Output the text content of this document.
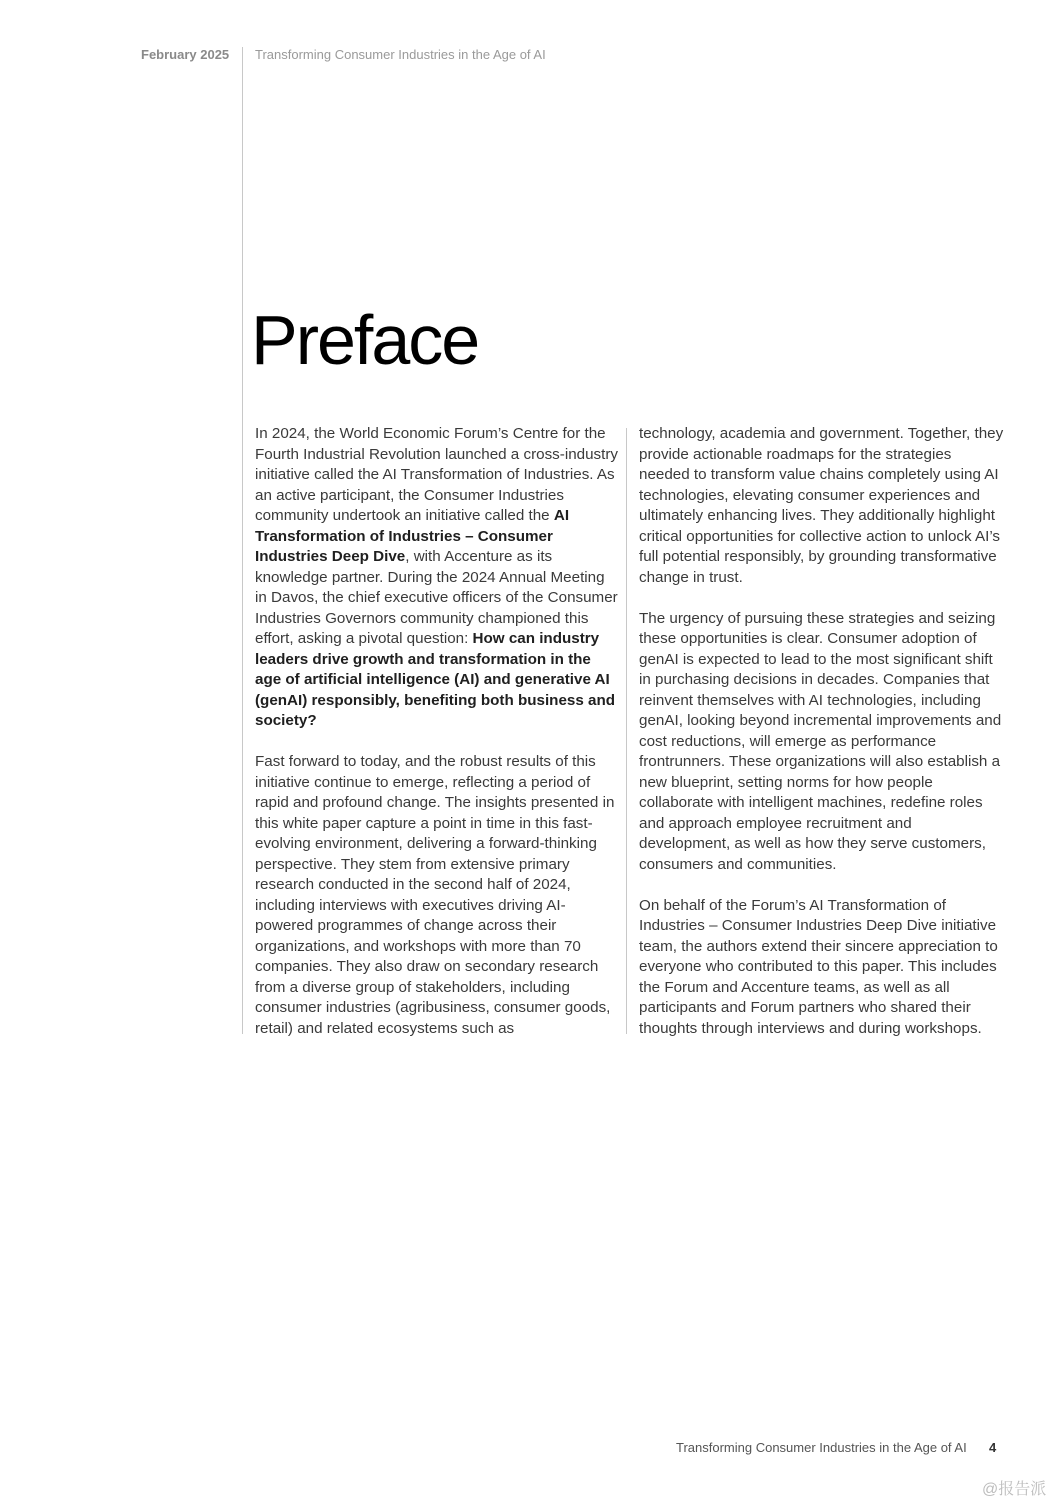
February 2025 Transforming Consumer Industries in the Age of AI
Preface

In 2024, the World Economic Forum’s Centre for the Fourth Industrial Revolution launched a cross-industry initiative called the AI Transformation of Industries. As an active participant, the Consumer Industries community undertook an initiative called the AI Transformation of Industries – Consumer Industries Deep Dive, with Accenture as its knowledge partner. During the 2024 Annual Meeting in Davos, the chief executive officers of the Consumer Industries Governors community championed this effort, asking a pivotal question: How can industry leaders drive growth and transformation in the age of artificial intelligence (AI) and generative AI (genAI) responsibly, benefiting both business and society?

Fast forward to today, and the robust results of this initiative continue to emerge, reflecting a period of rapid and profound change. The insights presented in this white paper capture a point in time in this fast-evolving environment, delivering a forward-thinking perspective. They stem from extensive primary research conducted in the second half of 2024, including interviews with executives driving AI-powered programmes of change across their organizations, and workshops with more than 70 companies. They also draw on secondary research from a diverse group of stakeholders, including consumer industries (agribusiness, consumer goods, retail) and related ecosystems such as

technology, academia and government. Together, they provide actionable roadmaps for the strategies needed to transform value chains completely using AI technologies, elevating consumer experiences and ultimately enhancing lives. They additionally highlight critical opportunities for collective action to unlock AI’s full potential responsibly, by grounding transformative change in trust.

The urgency of pursuing these strategies and seizing these opportunities is clear. Consumer adoption of genAI is expected to lead to the most significant shift in purchasing decisions in decades. Companies that reinvent themselves with AI technologies, including genAI, looking beyond incremental improvements and cost reductions, will emerge as performance frontrunners. These organizations will also establish a new blueprint, setting norms for how people collaborate with intelligent machines, redefine roles and approach employee recruitment and development, as well as how they serve customers, consumers and communities.

On behalf of the Forum’s AI Transformation of Industries – Consumer Industries Deep Dive initiative team, the authors extend their sincere appreciation to everyone who contributed to this paper. This includes the Forum and Accenture teams, as well as all participants and Forum partners who shared their thoughts through interviews and during workshops.

Transforming Consumer Industries in the Age of AI 4
@报告派
